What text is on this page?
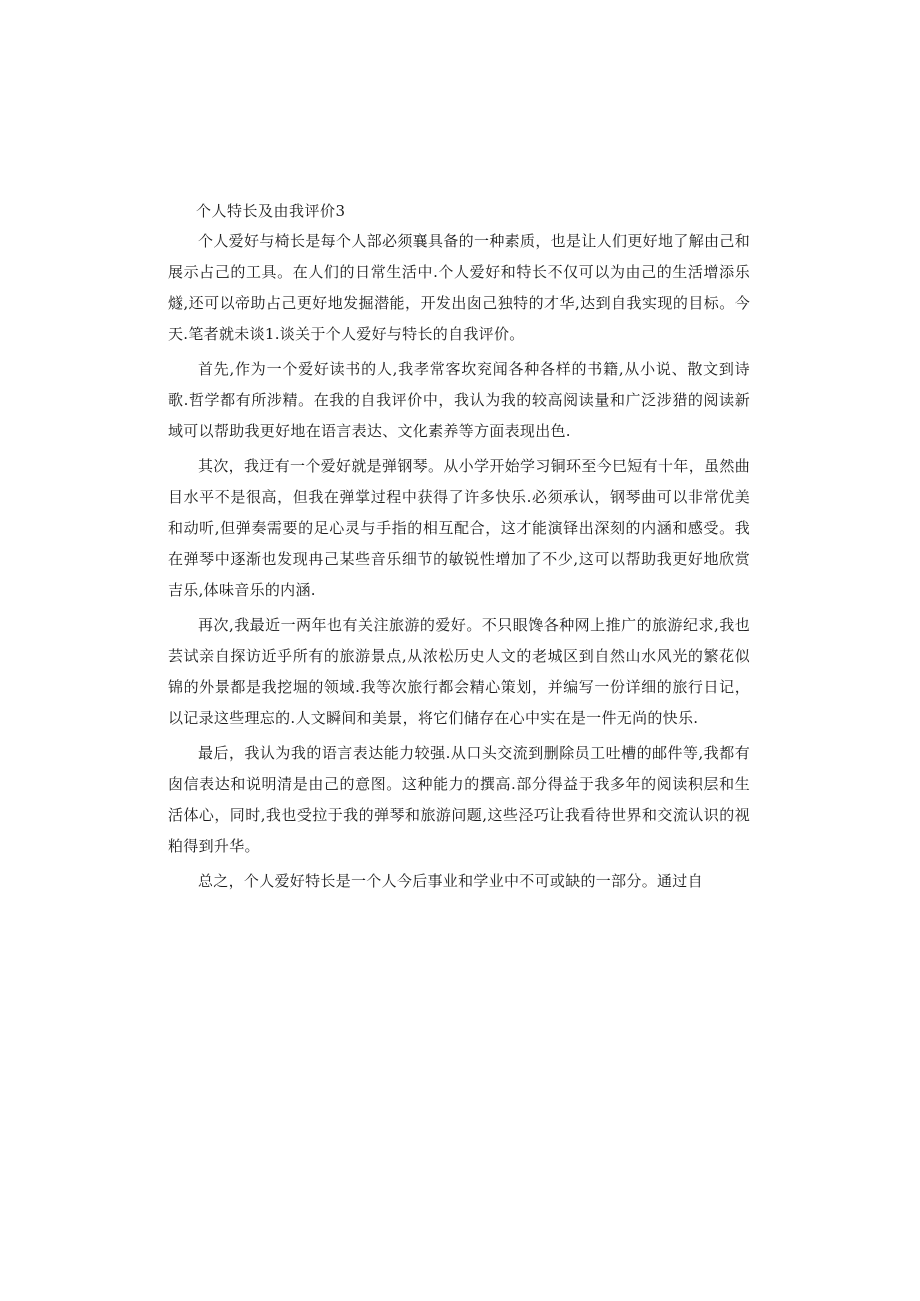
个人特长及由我评价3

个人爱好与椅长是每个人部必须襄具备的一种素质，也是让人们更好地了解由己和展示占己的工具。在人们的日常生活中.个人爱好和特长不仅可以为由己的生活增添乐燧,还可以帝助占己更好地发掘潜能，开发出囱己独特的才华,达到自我实现的目标。今天.笔者就未谈1.谈关于个人爱好与特长的自我评价。

首先,作为一个爱好读书的人,我孝常客坎兖闻各种各样的书籍,从小说、散文到诗歌.哲学都有所涉精。在我的自我评价中，我认为我的较高阅读量和广泛涉猎的阅读新域可以帮助我更好地在语言表达、文化素养等方面表现出色.

其次，我迂有一个爱好就是弹钢琴。从小学开始学习铜环至今巳短有十年，虽然曲目水平不是很高，但我在弹掌过程中获得了许多快乐.必须承认，钢琴曲可以非常优美和动听,但弹奏需要的足心灵与手指的相互配合，这才能演铎出深刻的内涵和感受。我在弹琴中逐渐也发现冉己某些音乐细节的敏锐性增加了不少,这可以帮助我更好地欣赏吉乐,体味音乐的内涵.

再次,我最近一两年也有关注旅游的爱好。不只眼馋各种网上推广的旅游纪求,我也芸试亲自探访近乎所有的旅游景点,从浓松历史人文的老城区到自然山水风光的繁花似锦的外景都是我挖堀的领域.我等次旅行都会精心策划，并编写一份详细的旅行日记，以记录这些理忘的.人文瞬间和美景，将它们储存在心中实在是一件无尚的快乐.

最后，我认为我的语言表达能力较强.从口头交流到删除员工吐槽的邮件等,我都有囱信表达和说明清是由己的意图。这种能力的撰高.部分得益于我多年的阅读积层和生活体心，同时,我也受拉于我的弹琴和旅游问题,这些泾巧让我看待世界和交流认识的视粕得到升华。

总之，个人爱好特长是一个人今后事业和学业中不可或缺的一部分。通过自
